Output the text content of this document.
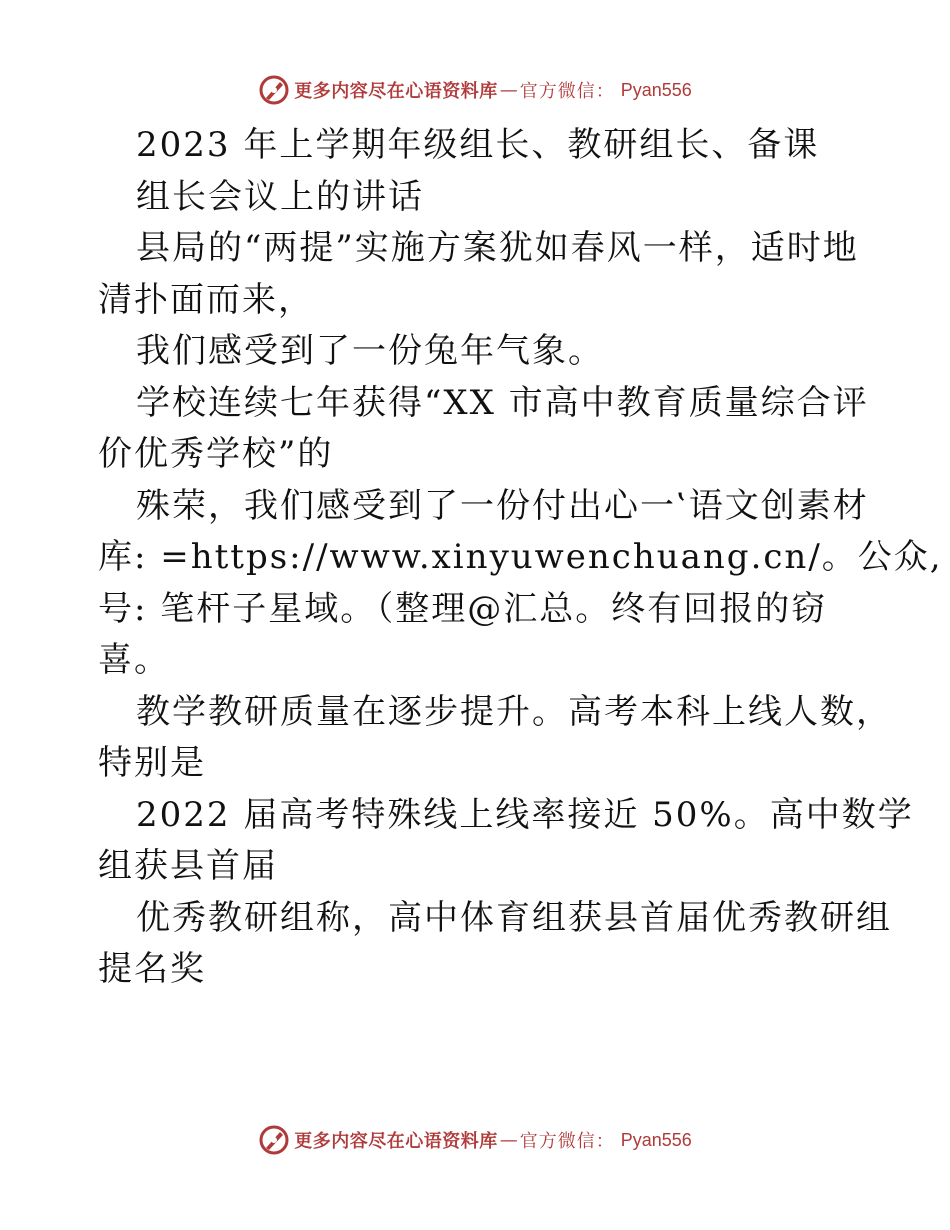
更多内容尽在心语资料库 — 官方微信： Pyan556
2023 年上学期年级组长、教研组长、备课
组长会议上的讲话
县局的“两提”实施方案犹如春风一样，适时地
清扑面而来，
我们感受到了一份兔年气象。
学校连续七年获得“XX 市高中教育质量综合评
价优秀学校”的
殊荣，我们感受到了一份付出心一‛语文创素材
库: =https://www.xinyuwenchuang.cn/。公众,
号: 笔杆子星域。（整理@汇总。终有回报的窃
喜。
教学教研质量在逐步提升。高考本科上线人数，
特别是
2022 届高考特殊线上线率接近 50%。高中数学
组获县首届
优秀教研组称，高中体育组获县首届优秀教研组
提名奖
更多内容尽在心语资料库 — 官方微信： Pyan556
